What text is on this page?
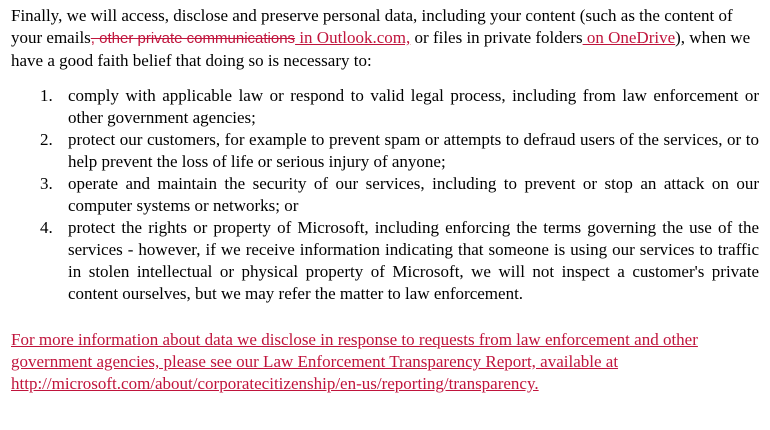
Finally, we will access, disclose and preserve personal data, including your content (such as the content of your emails, other private communications in Outlook.com, or files in private folders on OneDrive), when we have a good faith belief that doing so is necessary to:

1. comply with applicable law or respond to valid legal process, including from law enforcement or other government agencies;
2. protect our customers, for example to prevent spam or attempts to defraud users of the services, or to help prevent the loss of life or serious injury of anyone;
3. operate and maintain the security of our services, including to prevent or stop an attack on our computer systems or networks; or
4. protect the rights or property of Microsoft, including enforcing the terms governing the use of the services - however, if we receive information indicating that someone is using our services to traffic in stolen intellectual or physical property of Microsoft, we will not inspect a customer's private content ourselves, but we may refer the matter to law enforcement.

For more information about data we disclose in response to requests from law enforcement and other government agencies, please see our Law Enforcement Transparency Report, available at http://microsoft.com/about/corporatecitizenship/en-us/reporting/transparency.
